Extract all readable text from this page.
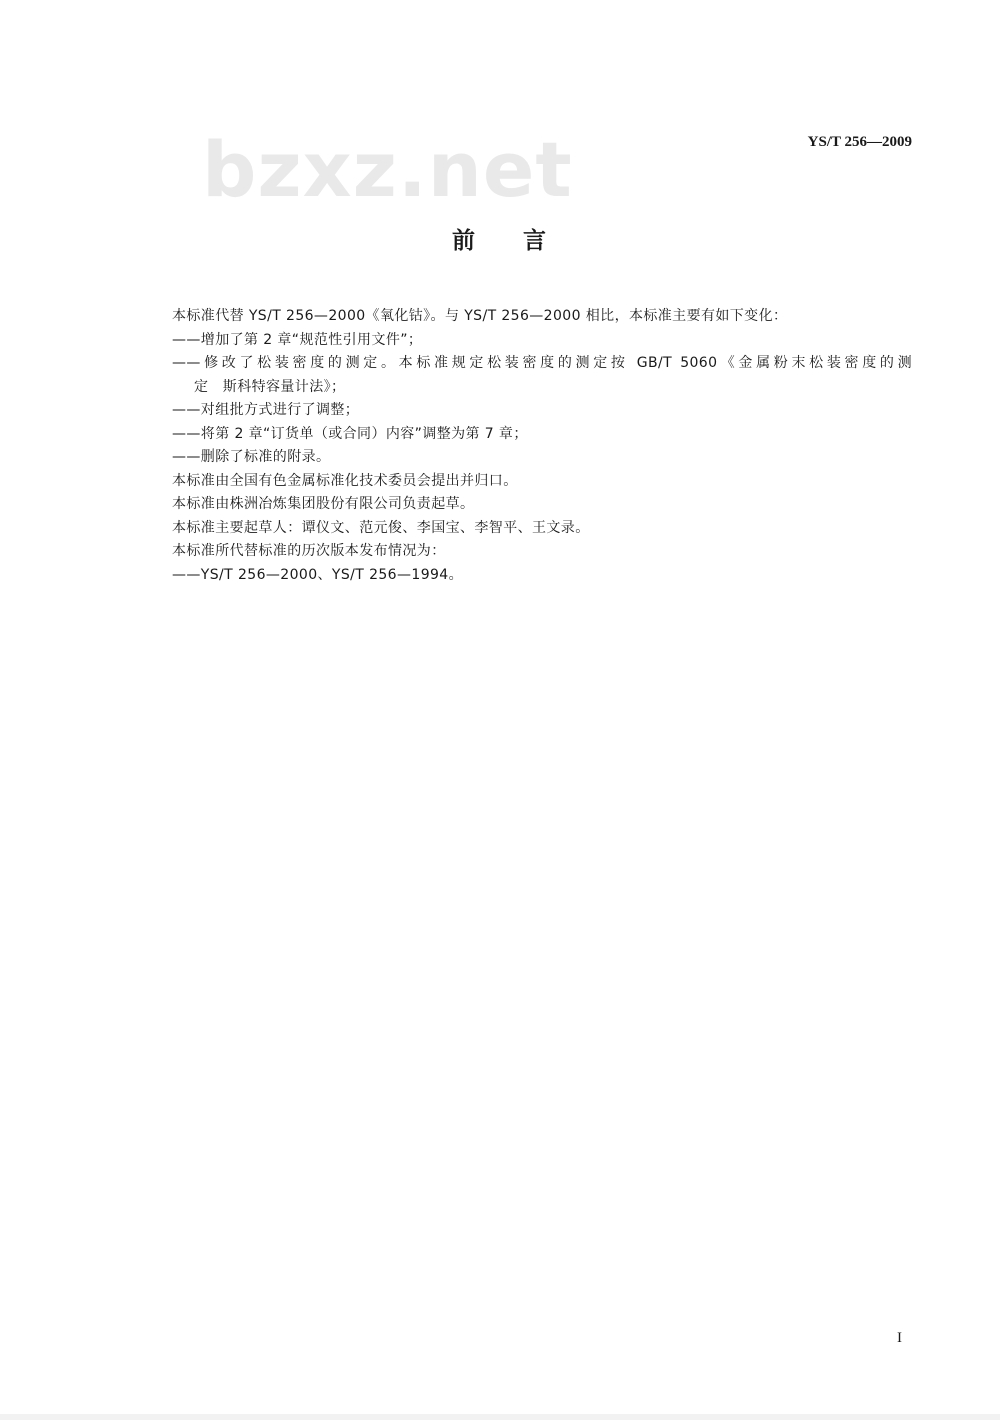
bzxz.net	YS/T 256—2009
前 言
本标准代替 YS/T 256—2000《氧化钴》。与 YS/T 256—2000 相比，本标准主要有如下变化：
——增加了第 2 章“规范性引用文件”；
——修改了松装密度的测定。本标准规定松装密度的测定按 GB/T 5060《金属粉末松装密度的测
定　斯科特容量计法》；
——对组批方式进行了调整；
——将第 2 章“订货单（或合同）内容”调整为第 7 章；
——删除了标准的附录。
本标准由全国有色金属标准化技术委员会提出并归口。
本标准由株洲冶炼集团股份有限公司负责起草。
本标准主要起草人：谭仪文、范元俊、李国宝、李智平、王文录。
本标准所代替标准的历次版本发布情况为：
——YS/T 256—2000、YS/T 256—1994。
I
